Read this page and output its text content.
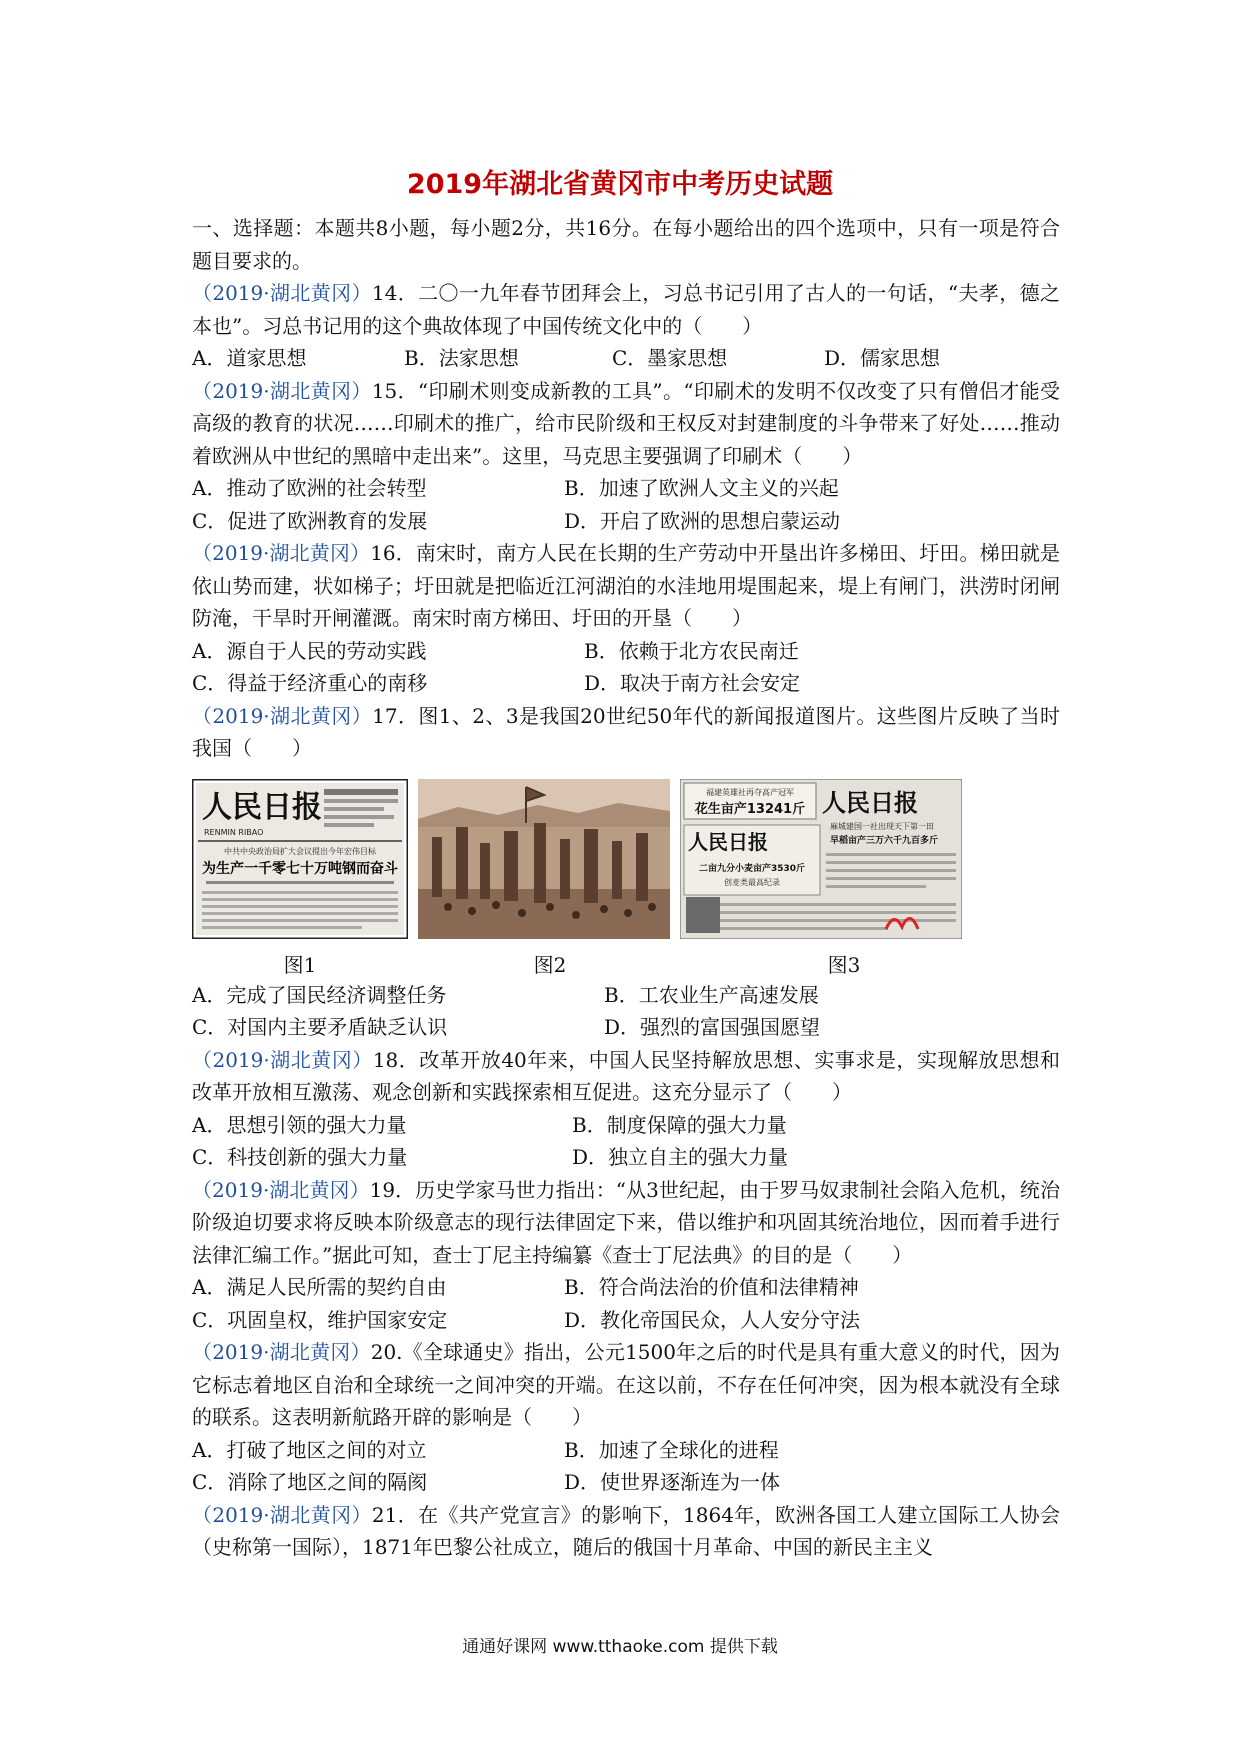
2019年湖北省黄冈市中考历史试题

一、选择题：本题共8小题，每小题2分，共16分。在每小题给出的四个选项中，只有一项是符合题目要求的。

（2019·湖北黄冈）14．二〇一九年春节团拜会上，习总书记引用了古人的一句话，“夫孝，德之本也”。习总书记用的这个典故体现了中国传统文化中的（　　）

A．道家思想	B．法家思想	C．墨家思想	D．儒家思想

（2019·湖北黄冈）15．“印刷术则变成新教的工具”。“印刷术的发明不仅改变了只有僧侣才能受高级的教育的状况……印刷术的推广，给市民阶级和王权反对封建制度的斗争带来了好处……推动着欧洲从中世纪的黑暗中走出来”。这里，马克思主要强调了印刷术（　　）

A．推动了欧洲的社会转型	B．加速了欧洲人文主义的兴起
C．促进了欧洲教育的发展	D．开启了欧洲的思想启蒙运动

（2019·湖北黄冈）16．南宋时，南方人民在长期的生产劳动中开垦出许多梯田、圩田。梯田就是依山势而建，状如梯子；圩田就是把临近江河湖泊的水洼地用堤围起来，堤上有闸门，洪涝时闭闸防淹，干旱时开闸灌溉。南宋时南方梯田、圩田的开垦（　　）

A．源自于人民的劳动实践	B．依赖于北方农民南迁
C．得益于经济重心的南移	D．取决于南方社会安定

（2019·湖北黄冈）17．图1、2、3是我国20世纪50年代的新闻报道图片。这些图片反映了当时我国（　　）

人民日报
RENMIN RIBAO
中共中央政治局扩大会议提出今年宏伟目标
为生产一千零七十万吨钢而奋斗
图1	图2
福建英雄社再夺高产冠军
花生亩产13241斤 人民日报
麻城建国一社出现天下第一田
早稻亩产三万六千九百多斤
人民日报
二亩九分小麦亩产3530斤
创麦类最高纪录
图3
A．完成了国民经济调整任务	B．工农业生产高速发展
C．对国内主要矛盾缺乏认识	D．强烈的富国强国愿望

（2019·湖北黄冈）18．改革开放40年来，中国人民坚持解放思想、实事求是，实现解放思想和改革开放相互激荡、观念创新和实践探索相互促进。这充分显示了（　　）

A．思想引领的强大力量	B．制度保障的强大力量
C．科技创新的强大力量	D．独立自主的强大力量

（2019·湖北黄冈）19．历史学家马世力指出：“从3世纪起，由于罗马奴隶制社会陷入危机，统治阶级迫切要求将反映本阶级意志的现行法律固定下来，借以维护和巩固其统治地位，因而着手进行法律汇编工作。”据此可知，查士丁尼主持编纂《查士丁尼法典》的目的是（　　）

A．满足人民所需的契约自由	B．符合尚法治的价值和法律精神
C．巩固皇权，维护国家安定	D．教化帝国民众，人人安分守法

（2019·湖北黄冈）20.《全球通史》指出，公元1500年之后的时代是具有重大意义的时代，因为它标志着地区自治和全球统一之间冲突的开端。在这以前，不存在任何冲突，因为根本就没有全球的联系。这表明新航路开辟的影响是（　　）

A．打破了地区之间的对立	B．加速了全球化的进程
C．消除了地区之间的隔阂	D．使世界逐渐连为一体

（2019·湖北黄冈）21．在《共产党宣言》的影响下，1864年，欧洲各国工人建立国际工人协会（史称第一国际），1871年巴黎公社成立，随后的俄国十月革命、中国的新民主主义

通通好课网 www.tthaoke.com 提供下载
